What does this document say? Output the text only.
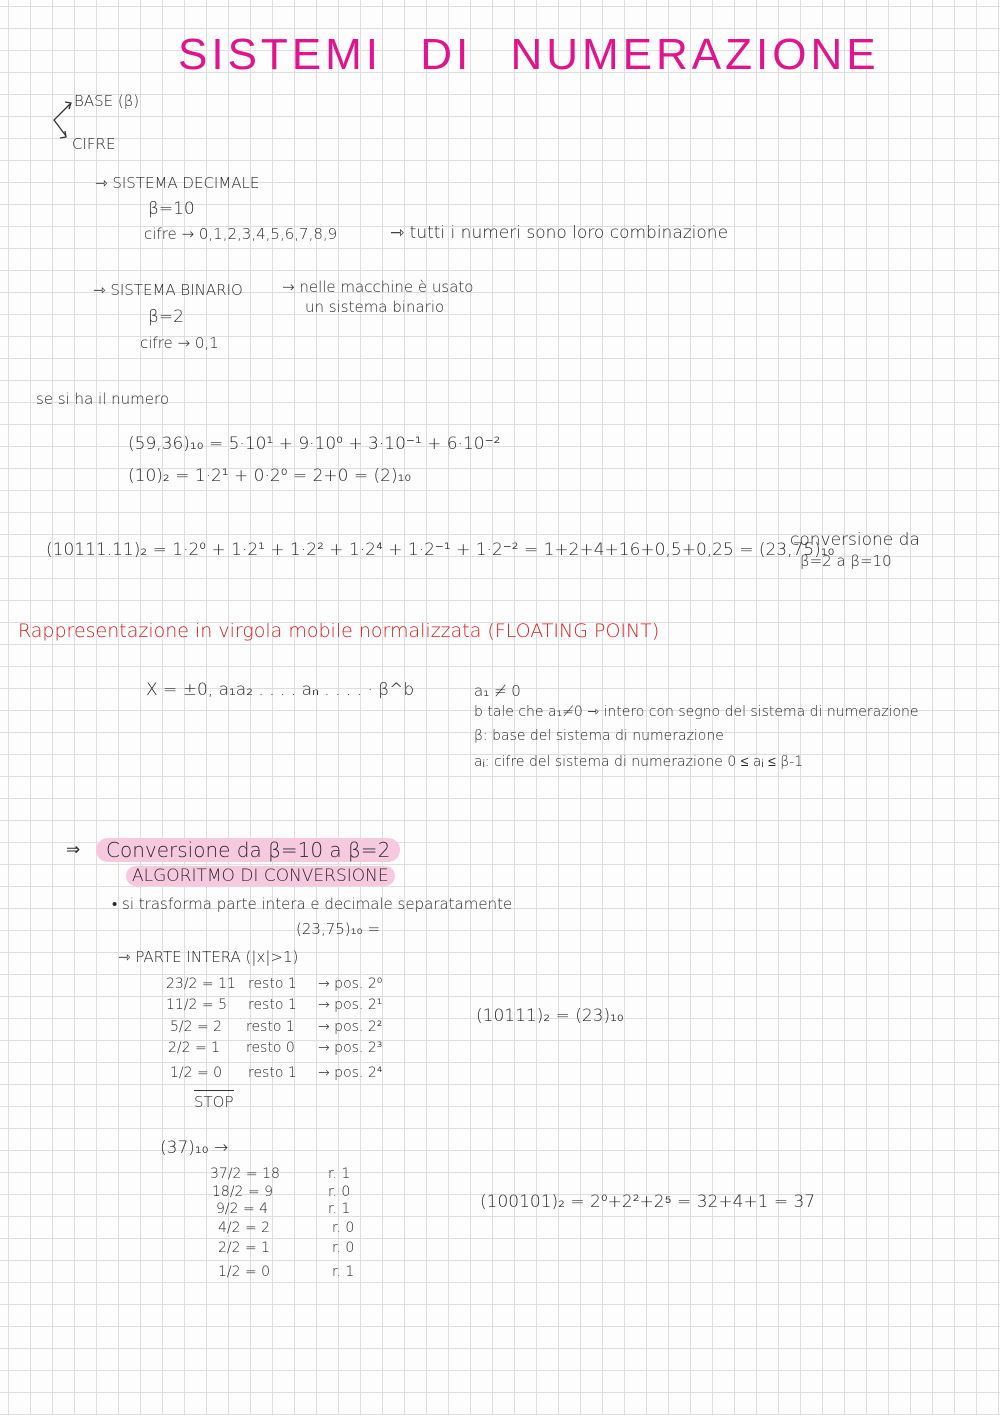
SISTEMI DI NUMERAZIONE
BASE (β)
CIFRE
⇾ SISTEMA DECIMALE
β=10
cifre → 0,1,2,3,4,5,6,7,8,9	⇾ tutti i numeri sono loro combinazione
⇾ SISTEMA BINARIO	→ nelle macchine è usato
un sistema binario
β=2
cifre → 0,1
se si ha il numero
(59,36)₁₀ = 5·10¹ + 9·10⁰ + 3·10⁻¹ + 6·10⁻²
(10)₂ = 1·2¹ + 0·2⁰ = 2+0 = (2)₁₀
(10111.11)₂ = 1·2⁰ + 1·2¹ + 1·2² + 1·2⁴ + 1·2⁻¹ + 1·2⁻² = 1+2+4+16+0,5+0,25 = (23,75)₁₀
conversione da
β=2 a β=10
Rappresentazione in virgola mobile normalizzata (FLOATING POINT)
X = ±0, a₁a₂ . . . . aₙ . . . . · β^b	a₁ ≠ 0
b tale che a₁≠0 ⇾ intero con segno del sistema di numerazione
β: base del sistema di numerazione
aᵢ: cifre del sistema di numerazione 0 ≤ aᵢ ≤ β-1
⇒	Conversione da β=10 a β=2
ALGORITMO DI CONVERSIONE
• si trasforma parte intera e decimale separatamente
(23,75)₁₀ =
⇾ PARTE INTERA (|x|>1)
23/2 = 11 resto 1 → pos. 2⁰
11/2 = 5 resto 1 → pos. 2¹
5/2 = 2 resto 1 → pos. 2²
2/2 = 1 resto 0 → pos. 2³
1/2 = 0 resto 1 → pos. 2⁴
STOP
(10111)₂ = (23)₁₀
(37)₁₀ →
37/2 = 18	r. 1
18/2 = 9	r. 0
9/2 = 4	r. 1
4/2 = 2	r. 0
2/2 = 1	r. 0
1/2 = 0	r. 1
(100101)₂ = 2⁰+2²+2⁵ = 32+4+1 = 37
